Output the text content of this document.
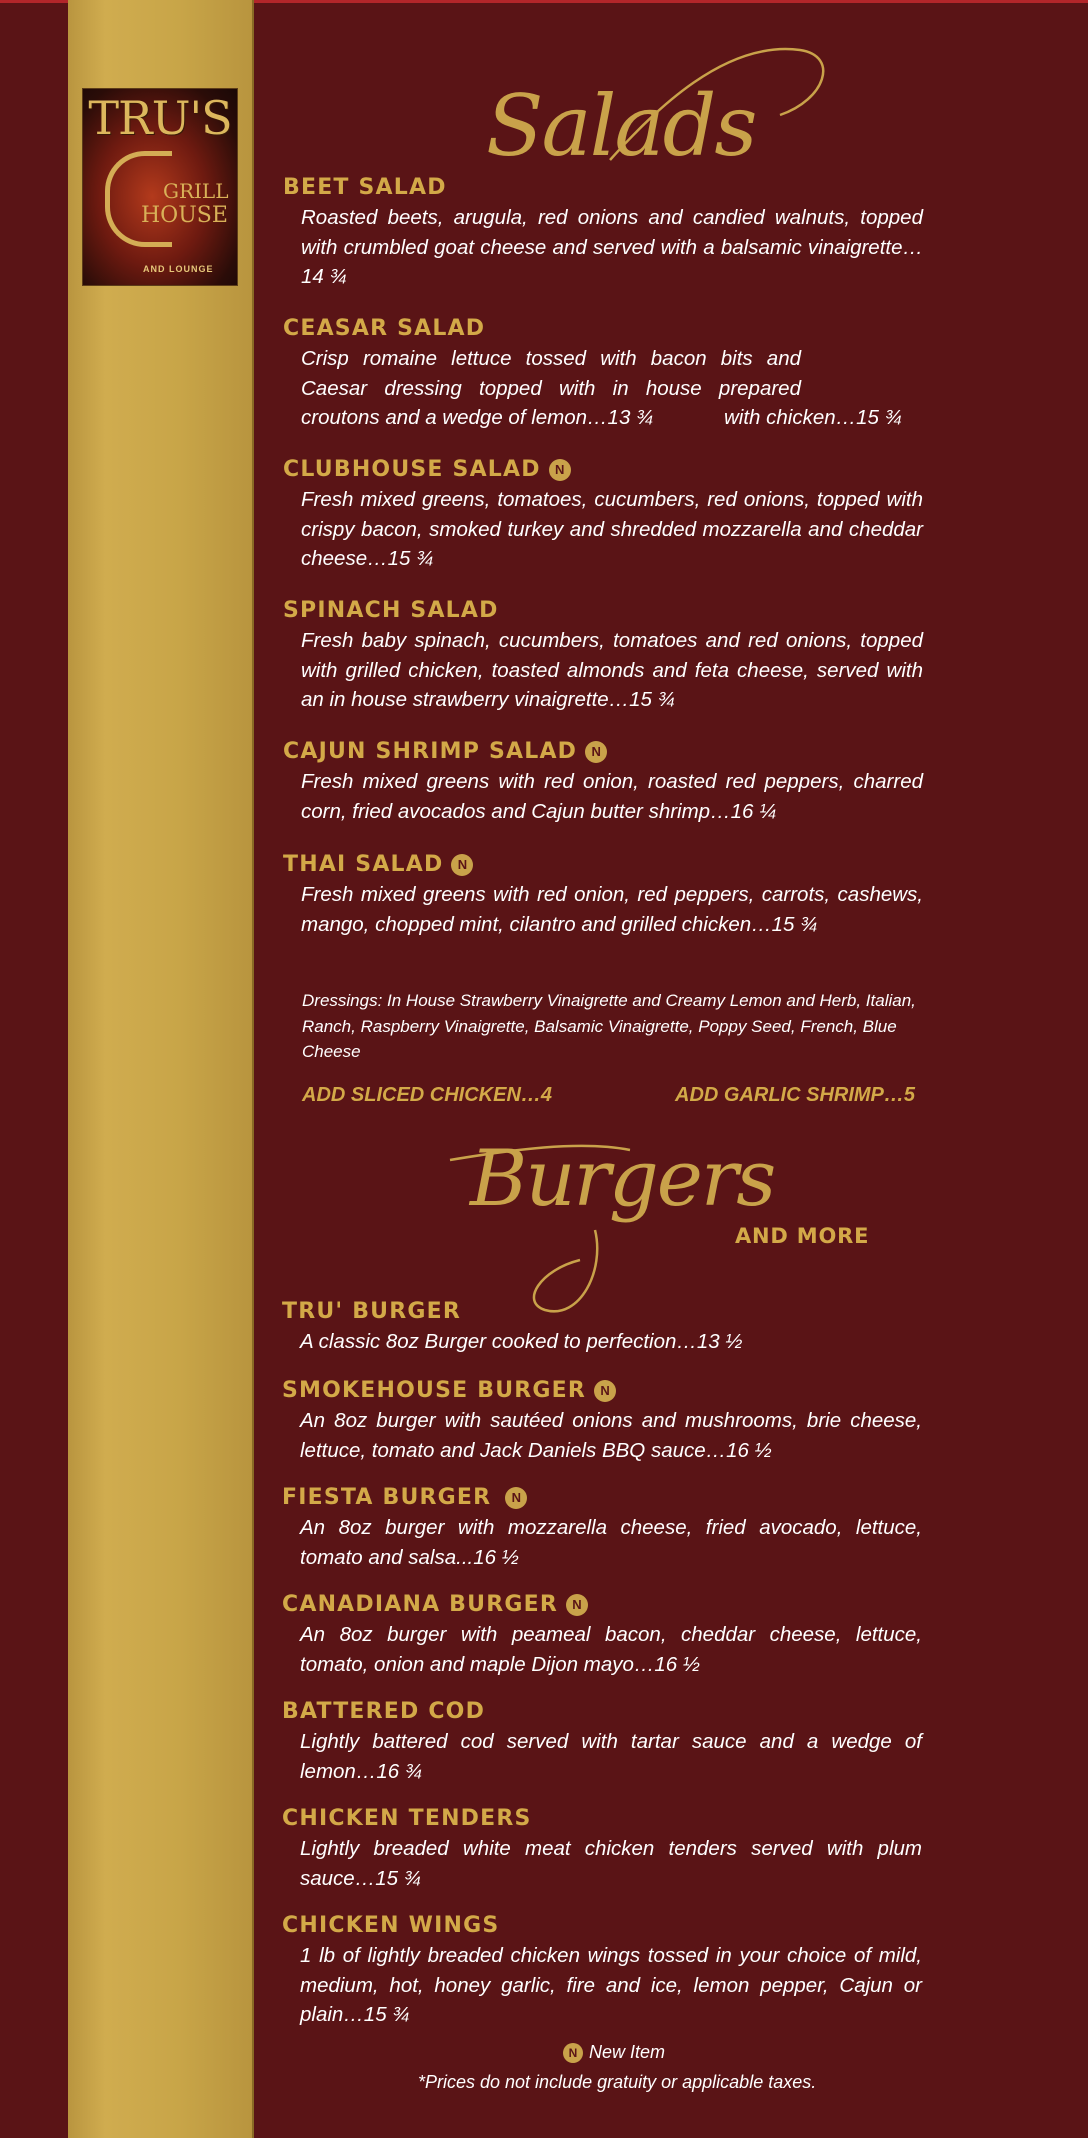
TRU'S
GRILL
HOUSE
AND LOUNGE
Salads
BEET SALAD
Roasted beets, arugula, red onions and candied walnuts, topped with crumbled goat cheese and served with a balsamic vinaigrette…14 ¾
CEASAR SALAD
Crisp romaine lettuce tossed with bacon bits and Caesar dressing topped with in house prepared croutons and a wedge of lemon…13 ¾	with chicken…15 ¾
CLUBHOUSE SALAD N
Fresh mixed greens, tomatoes, cucumbers, red onions, topped with crispy bacon, smoked turkey and shredded mozzarella and cheddar cheese…15 ¾
SPINACH SALAD
Fresh baby spinach, cucumbers, tomatoes and red onions, topped with grilled chicken, toasted almonds and feta cheese, served with an in house strawberry vinaigrette…15 ¾
CAJUN SHRIMP SALAD N
Fresh mixed greens with red onion, roasted red peppers, charred corn, fried avocados and Cajun butter shrimp…16 ¼
THAI SALAD N
Fresh mixed greens with red onion, red peppers, carrots, cashews, mango, chopped mint, cilantro and grilled chicken…15 ¾
Dressings: In House Strawberry Vinaigrette and Creamy Lemon and Herb, Italian, Ranch, Raspberry Vinaigrette, Balsamic Vinaigrette, Poppy Seed, French, Blue Cheese
ADD SLICED CHICKEN…4	ADD GARLIC SHRIMP…5
Burgers
AND MORE
TRU' BURGER
A classic 8oz Burger cooked to perfection…13 ½
SMOKEHOUSE BURGER N
An 8oz burger with sautéed onions and mushrooms, brie cheese, lettuce, tomato and Jack Daniels BBQ sauce…16 ½
FIESTA BURGER N
An 8oz burger with mozzarella cheese, fried avocado, lettuce, tomato and salsa...16 ½
CANADIANA BURGER N
An 8oz burger with peameal bacon, cheddar cheese, lettuce, tomato, onion and maple Dijon mayo…16 ½
BATTERED COD
Lightly battered cod served with tartar sauce and a wedge of lemon…16 ¾
CHICKEN TENDERS
Lightly breaded white meat chicken tenders served with plum sauce…15 ¾
CHICKEN WINGS
1 lb of lightly breaded chicken wings tossed in your choice of mild, medium, hot, honey garlic, fire and ice, lemon pepper, Cajun or plain…15 ¾
N New Item
*Prices do not include gratuity or applicable taxes.
